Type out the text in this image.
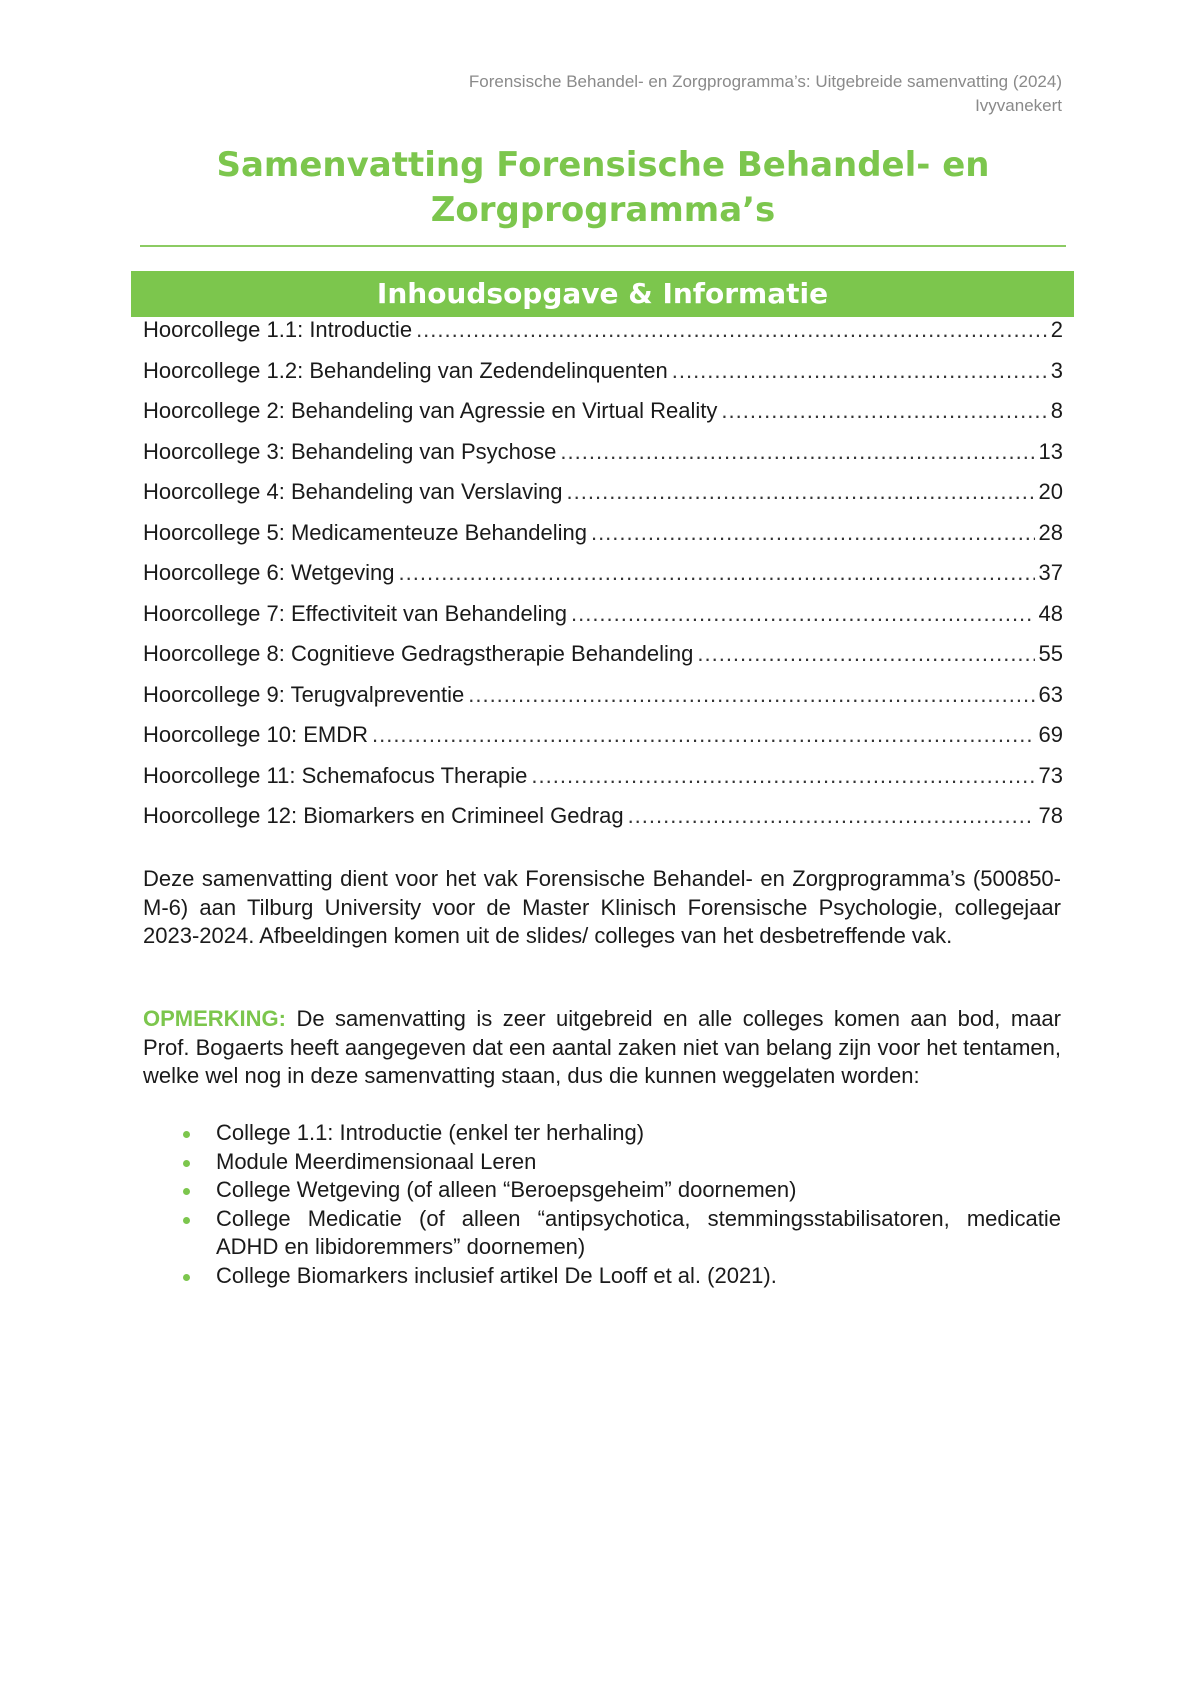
Forensische Behandel- en Zorgprogramma’s: Uitgebreide samenvatting (2024)
Ivyvanekert
Samenvatting Forensische Behandel- en
Zorgprogramma’s
Inhoudsopgave & Informatie
Hoorcollege 1.1: Introductie .....	2
Hoorcollege 1.2: Behandeling van Zedendelinquenten .....	3
Hoorcollege 2: Behandeling van Agressie en Virtual Reality .....	8
Hoorcollege 3: Behandeling van Psychose .....	13
Hoorcollege 4: Behandeling van Verslaving .....	20
Hoorcollege 5: Medicamenteuze Behandeling .....	28
Hoorcollege 6: Wetgeving .....	37
Hoorcollege 7: Effectiviteit van Behandeling .....	48
Hoorcollege 8: Cognitieve Gedragstherapie Behandeling .....	55
Hoorcollege 9: Terugvalpreventie .....	63
Hoorcollege 10: EMDR .....	69
Hoorcollege 11: Schemafocus Therapie .....	73
Hoorcollege 12: Biomarkers en Crimineel Gedrag .....	78

Deze samenvatting dient voor het vak Forensische Behandel- en Zorgprogramma’s (500850-M-6) aan Tilburg University voor de Master Klinisch Forensische Psychologie, collegejaar 2023-2024. Afbeeldingen komen uit de slides/ colleges van het desbetreffende vak.

OPMERKING: De samenvatting is zeer uitgebreid en alle colleges komen aan bod, maar Prof. Bogaerts heeft aangegeven dat een aantal zaken niet van belang zijn voor het tentamen, welke wel nog in deze samenvatting staan, dus die kunnen weggelaten worden:

College 1.1: Introductie (enkel ter herhaling)
Module Meerdimensionaal Leren
College Wetgeving (of alleen “Beroepsgeheim” doornemen)
College Medicatie (of alleen “antipsychotica, stemmingsstabilisatoren, medicatie ADHD en libidoremmers” doornemen)
College Biomarkers inclusief artikel De Looff et al. (2021).
